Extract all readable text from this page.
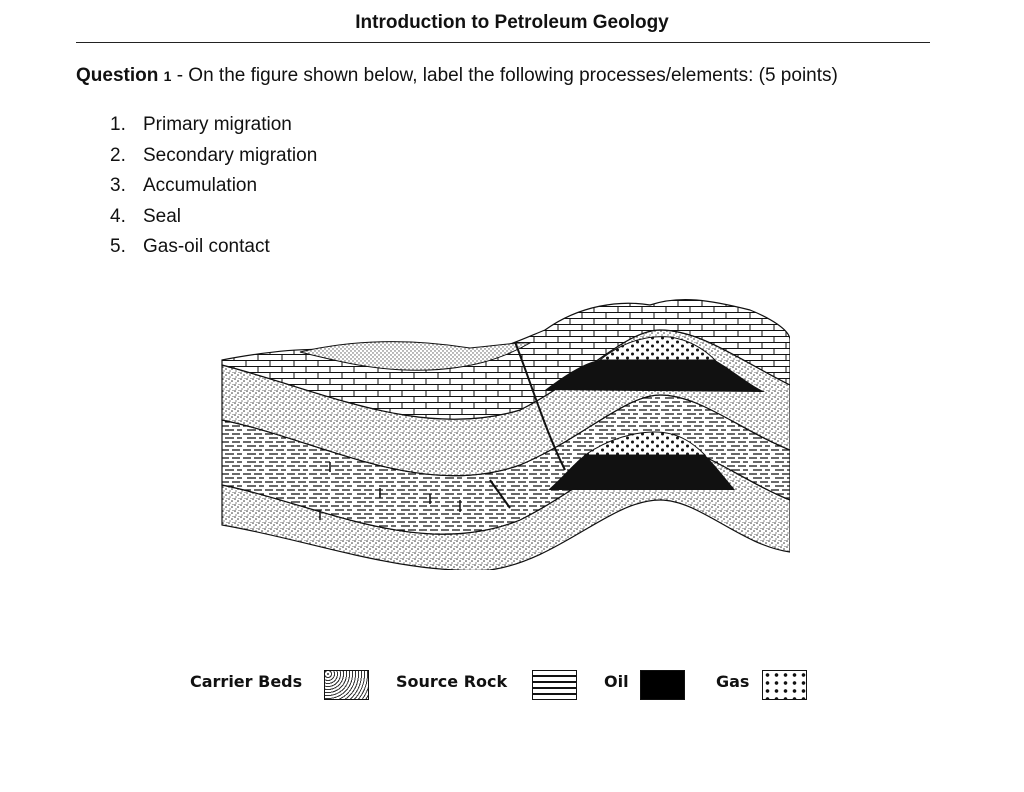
Introduction to Petroleum Geology
Question 1 - On the figure shown below, label the following processes/elements: (5 points)
1. Primary migration
2. Secondary migration
3. Accumulation
4. Seal
5. Gas-oil contact
Carrier Beds	Source Rock	Oil	Gas
